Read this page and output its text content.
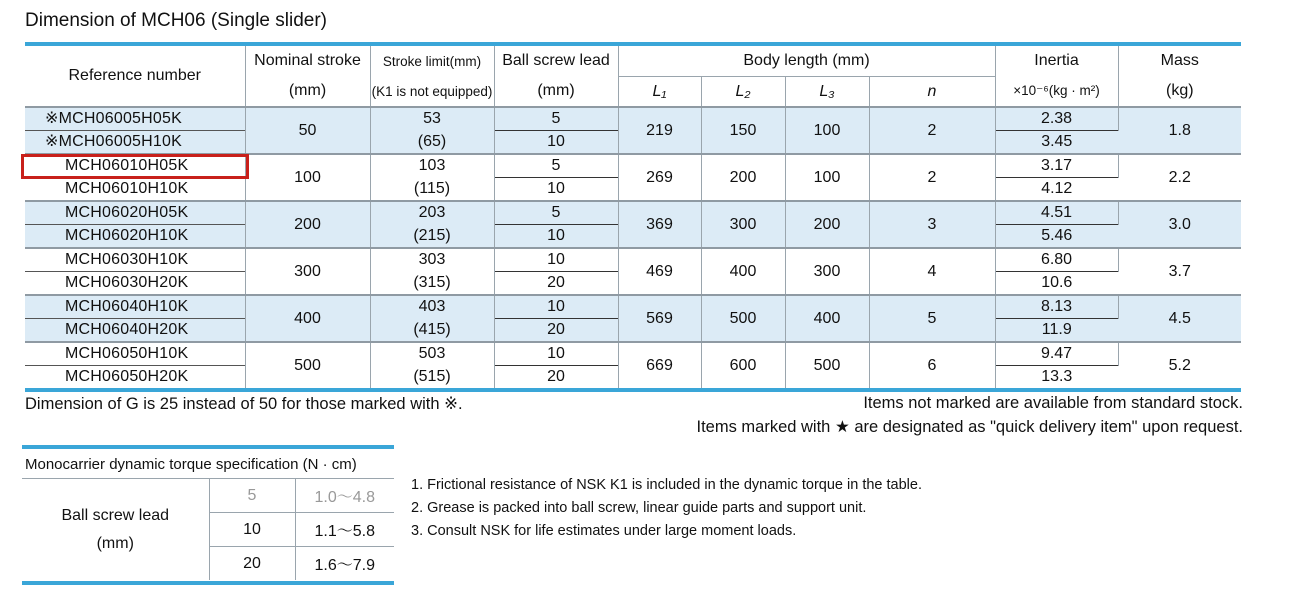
Dimension of MCH06 (Single slider)
Reference number	Nominal stroke	Stroke limit(mm)	Ball screw lead	Body length (mm)				Inertia	Mass
	(mm)	(K1 is not equipped)	(mm)	L₁	L₂	L₃	n	×10⁻⁶(kg · m²)	(kg)
※MCH06005H05K	50	53	5	219	150	100	2	2.38	1.8
※MCH06005H10K		(65)	10					3.45	
MCH06010H05K	100	103	5	269	200	100	2	3.17	2.2
MCH06010H10K		(115)	10					4.12	
MCH06020H05K	200	203	5	369	300	200	3	4.51	3.0
MCH06020H10K		(215)	10					5.46	
MCH06030H10K	300	303	10	469	400	300	4	6.80	3.7
MCH06030H20K		(315)	20					10.6	
MCH06040H10K	400	403	10	569	500	400	5	8.13	4.5
MCH06040H20K		(415)	20					11.9	
MCH06050H10K	500	503	10	669	600	500	6	9.47	5.2
MCH06050H20K		(515)	20					13.3	
Dimension of G is 25 instead of 50 for those marked with ※.	Items not marked are available from standard stock.
Items marked with ★ are designated as "quick delivery item" upon request.
Monocarrier dynamic torque specification (N · cm)
Ball screw lead
(mm)	5	1.0～4.8
	10	1.1～5.8
	20	1.6～7.9
1. Frictional resistance of NSK K1 is included in the dynamic torque in the table.
2. Grease is packed into ball screw, linear guide parts and support unit.
3. Consult NSK for life estimates under large moment loads.
